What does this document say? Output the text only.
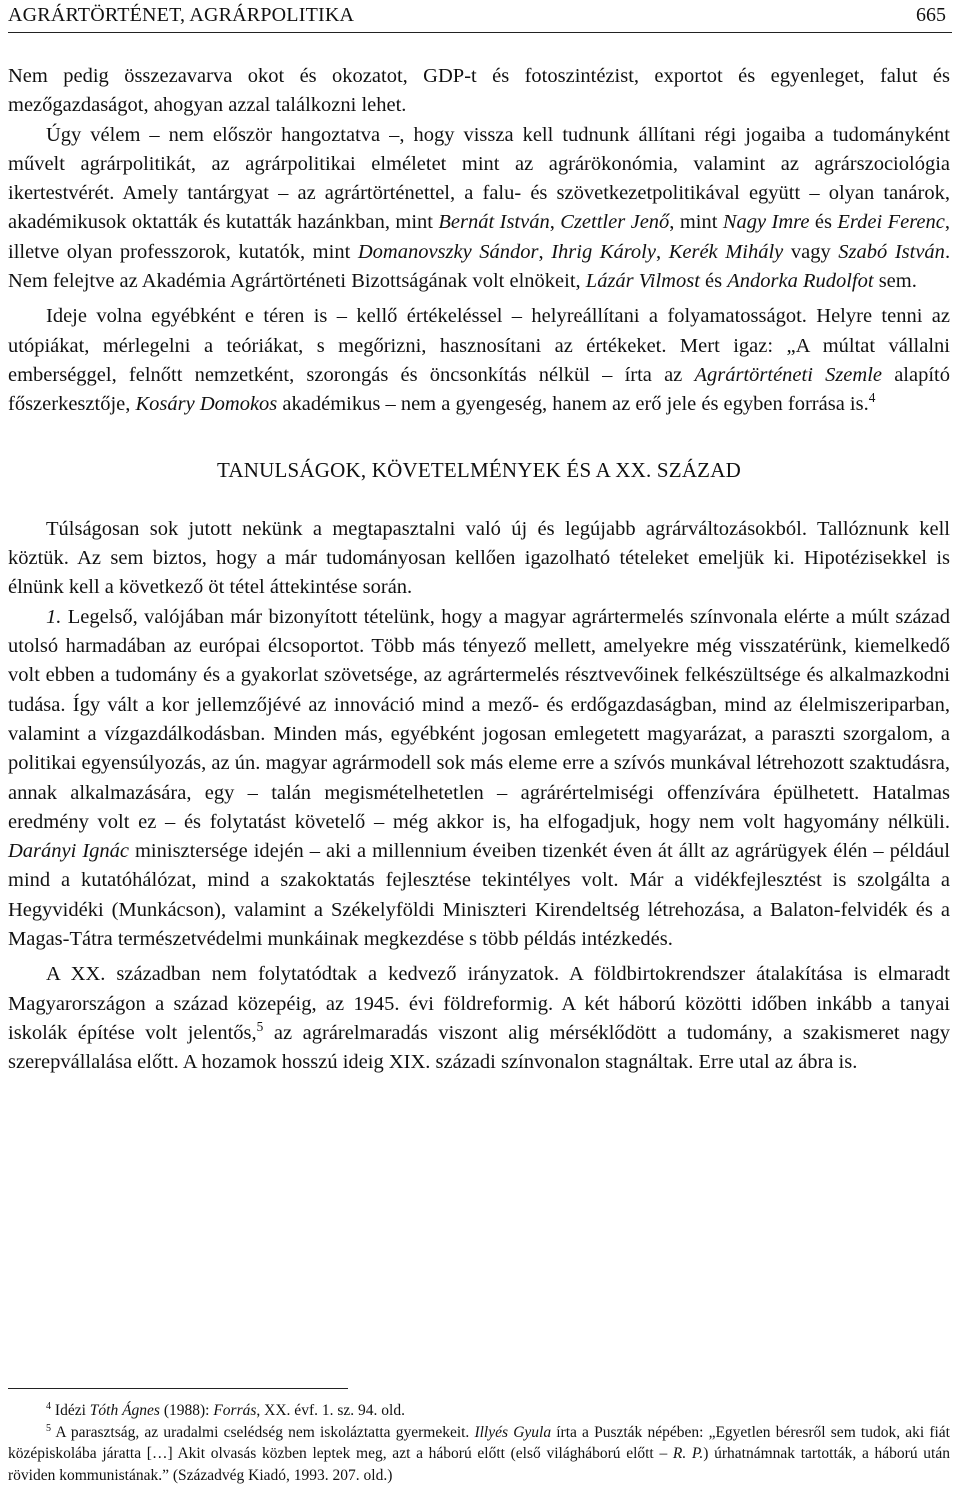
AGRÁRTÖRTÉNET, AGRÁRPOLITIKA	665

Nem pedig összezavarva okot és okozatot, GDP-t és fotoszintézist, exportot és egyenleget, falut és mezőgazdaságot, ahogyan azzal találkozni lehet.

Úgy vélem – nem először hangoztatva –, hogy vissza kell tudnunk állítani régi jogaiba a tudományként művelt agrárpolitikát, az agrárpolitikai elméletet mint az agrárökonómia, valamint az agrárszociológia ikertestvérét. Amely tantárgyat – az agrártörténettel, a falu- és szövetkezetpolitikával együtt – olyan tanárok, akadémikusok oktatták és kutatták hazánkban, mint Bernát István, Czettler Jenő, mint Nagy Imre és Erdei Ferenc, illetve olyan professzorok, kutatók, mint Domanovszky Sándor, Ihrig Károly, Kerék Mihály vagy Szabó István. Nem felejtve az Akadémia Agrártörténeti Bizottságának volt elnökeit, Lázár Vilmost és Andorka Rudolfot sem.

Ideje volna egyébként e téren is – kellő értékeléssel – helyreállítani a folyamatosságot. Helyre tenni az utópiákat, mérlegelni a teóriákat, s megőrizni, hasznosítani az értékeket. Mert igaz: „A múltat vállalni emberséggel, felnőtt nemzetként, szorongás és öncsonkítás nélkül – írta az Agrártörténeti Szemle alapító főszerkesztője, Kosáry Domokos akadémikus – nem a gyengeség, hanem az erő jele és egyben forrása is.$^4$

TANULSÁGOK, KÖVETELMÉNYEK ÉS A XX. SZÁZAD

Túlságosan sok jutott nekünk a megtapasztalni való új és legújabb agrárváltozásokból. Tallóznunk kell köztük. Az sem biztos, hogy a már tudományosan kellően igazolható tételeket emeljük ki. Hipotézisekkel is élnünk kell a következő öt tétel áttekintése során.

1. Legelső, valójában már bizonyított tételünk, hogy a magyar agrártermelés színvonala elérte a múlt század utolsó harmadában az európai élcsoportot. Több más tényező mellett, amelyekre még visszatérünk, kiemelkedő volt ebben a tudomány és a gyakorlat szövetsége, az agrártermelés résztvevőinek felkészültsége és alkalmazkodni tudása. Így vált a kor jellemzőjévé az innováció mind a mező- és erdőgazdaságban, mind az élelmiszeriparban, valamint a vízgazdálkodásban. Minden más, egyébként jogosan emlegetett magyarázat, a paraszti szorgalom, a politikai egyensúlyozás, az ún. magyar agrármodell sok más eleme erre a szívós munkával létrehozott szaktudásra, annak alkalmazására, egy – talán megismételhetetlen – agrárértelmiségi offenzívára épülhetett. Hatalmas eredmény volt ez – és folytatást követelő – még akkor is, ha elfogadjuk, hogy nem volt hagyomány nélküli. Darányi Ignác minisztersége idején – aki a millennium éveiben tizenkét éven át állt az agrárügyek élén – például mind a kutatóhálózat, mind a szakoktatás fejlesztése tekintélyes volt. Már a vidékfejlesztést is szolgálta a Hegyvidéki (Munkácson), valamint a Székelyföldi Miniszteri Kirendeltség létrehozása, a Balaton-felvidék és a Magas-Tátra természetvédelmi munkáinak megkezdése s több példás intézkedés.

A XX. században nem folytatódtak a kedvező irányzatok. A földbirtokrendszer átalakítása is elmaradt Magyarországon a század közepéig, az 1945. évi földreformig. A két háború közötti időben inkább a tanyai iskolák építése volt jelentős,$^5$ az agrárelmaradás viszont alig mérséklődött a tudomány, a szakismeret nagy szerepvállalása előtt. A hozamok hosszú ideig XIX. századi színvonalon stagnáltak. Erre utal az ábra is.

$^4$ Idézi Tóth Ágnes (1988): Forrás, XX. évf. 1. sz. 94. old.

$^5$ A parasztság, az uradalmi cselédség nem iskoláztatta gyermekeit. Illyés Gyula írta a Puszták népében: „Egyetlen béresről sem tudok, aki fiát középiskolába járatta […] Akit olvasás közben leptek meg, azt a háború előtt (első világháború előtt – R. P.) úrhatnámnak tartották, a háború után röviden kommunistának.” (Századvég Kiadó, 1993. 207. old.)
